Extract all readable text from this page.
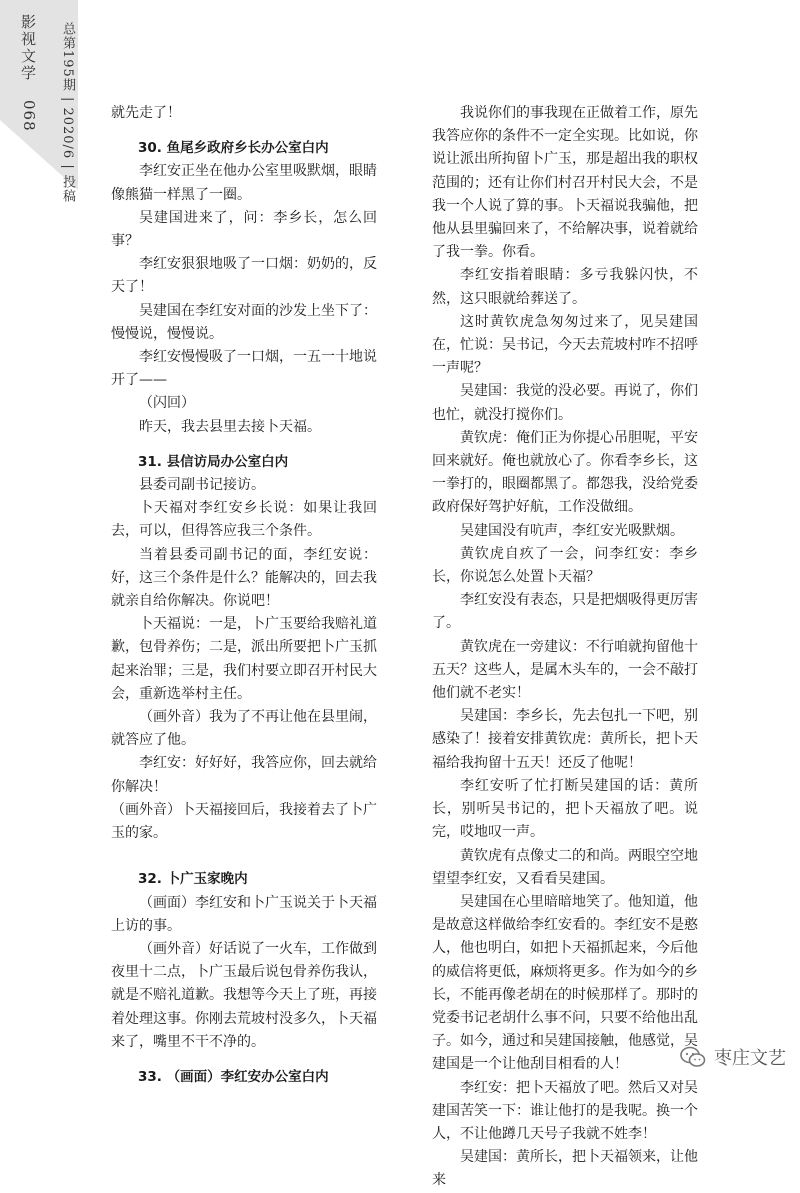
影视文学
068 总第195期 | 2020/6 | 投稿	就先走了！
30. 鱼尾乡政府乡长办公室白内
李红安正坐在他办公室里吸默烟，眼睛像熊猫一样黑了一圈。
吴建国进来了，问：李乡长，怎么回事？
李红安狠狠地吸了一口烟：奶奶的，反天了！
吴建国在李红安对面的沙发上坐下了：慢慢说，慢慢说。
李红安慢慢吸了一口烟，一五一十地说开了——
（闪回）
昨天，我去县里去接卜天福。
31. 县信访局办公室白内
县委司副书记接访。
卜天福对李红安乡长说：如果让我回去，可以，但得答应我三个条件。
当着县委司副书记的面，李红安说：好，这三个条件是什么？能解决的，回去我就亲自给你解决。你说吧！
卜天福说：一是，卜广玉要给我赔礼道歉，包骨养伤；二是，派出所要把卜广玉抓起来治罪；三是，我们村要立即召开村民大会，重新选举村主任。
（画外音）我为了不再让他在县里闹，就答应了他。
李红安：好好好，我答应你，回去就给你解决！
（画外音）卜天福接回后，我接着去了卜广玉的家。
32. 卜广玉家晚内
（画面）李红安和卜广玉说关于卜天福上访的事。
（画外音）好话说了一火车，工作做到夜里十二点，卜广玉最后说包骨养伤我认，就是不赔礼道歉。我想等今天上了班，再接着处理这事。你刚去荒坡村没多久，卜天福来了，嘴里不干不净的。
33. （画面）李红安办公室白内
我说你们的事我现在正做着工作，原先我答应你的条件不一定全实现。比如说，你说让派出所拘留卜广玉，那是超出我的职权范围的；还有让你们村召开村民大会，不是我一个人说了算的事。卜天福说我骗他，把他从县里骗回来了，不给解决事，说着就给了我一拳。你看。
李红安指着眼睛：多亏我躲闪快，不然，这只眼就给葬送了。
这时黄钦虎急匆匆过来了，见吴建国在，忙说：吴书记，今天去荒坡村咋不招呼一声呢？
吴建国：我觉的没必要。再说了，你们也忙，就没打搅你们。
黄钦虎：俺们正为你提心吊胆呢，平安回来就好。俺也就放心了。你看李乡长，这一拳打的，眼圈都黑了。都怨我，没给党委政府保好驾护好航，工作没做细。
吴建国没有吭声，李红安光吸默烟。
黄钦虎自疚了一会，问李红安：李乡长，你说怎么处置卜天福？
李红安没有表态，只是把烟吸得更厉害了。
黄钦虎在一旁建议：不行咱就拘留他十五天？这些人，是属木头车的，一会不敲打他们就不老实！
吴建国：李乡长，先去包扎一下吧，别感染了！接着安排黄钦虎：黄所长，把卜天福给我拘留十五天！还反了他呢！
李红安听了忙打断吴建国的话：黄所长，别听吴书记的，把卜天福放了吧。说完，哎地叹一声。
黄钦虎有点像丈二的和尚。两眼空空地望望李红安，又看看吴建国。
吴建国在心里暗暗地笑了。他知道，他是故意这样做给李红安看的。李红安不是憨人，他也明白，如把卜天福抓起来，今后他的威信将更低，麻烦将更多。作为如今的乡长，不能再像老胡在的时候那样了。那时的党委书记老胡什么事不问，只要不给他出乱子。如今，通过和吴建国接触，他感觉，吴建国是一个让他刮目相看的人！
李红安：把卜天福放了吧。然后又对吴建国苦笑一下：谁让他打的是我呢。换一个人，不让他蹲几天号子我就不姓李！
吴建国：黄所长，把卜天福领来，让他来
枣庄文艺
